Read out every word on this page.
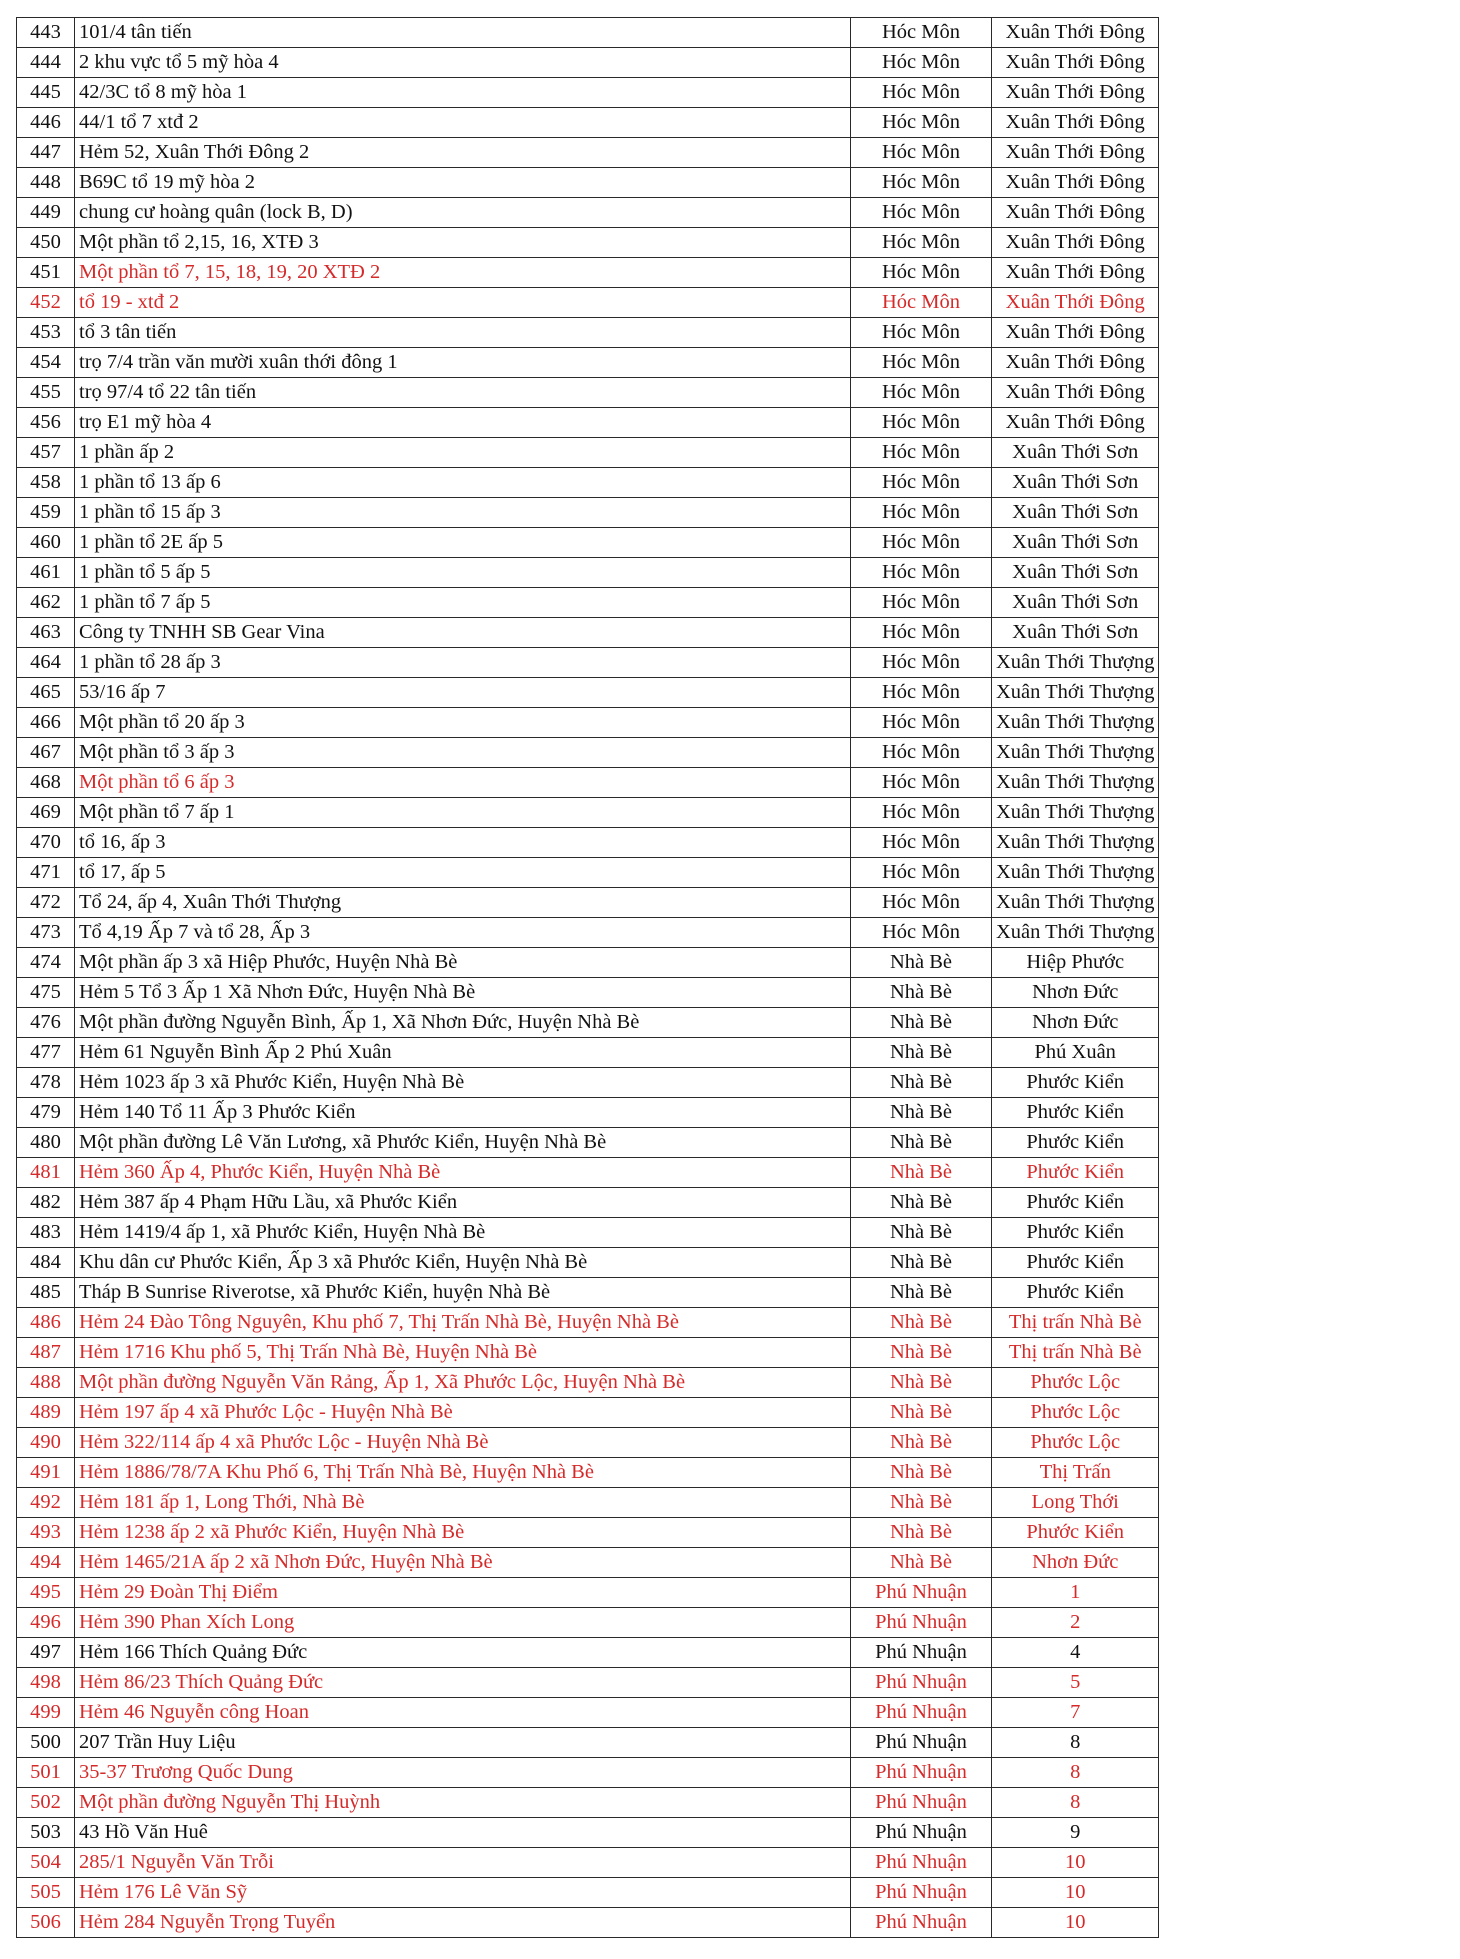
443	101/4 tân tiến	Hóc Môn	Xuân Thới Đông
444	2 khu vực tổ 5 mỹ hòa 4	Hóc Môn	Xuân Thới Đông
445	42/3C tổ 8 mỹ hòa 1	Hóc Môn	Xuân Thới Đông
446	44/1 tổ 7 xtđ 2	Hóc Môn	Xuân Thới Đông
447	Hẻm 52, Xuân Thới Đông 2	Hóc Môn	Xuân Thới Đông
448	B69C tổ 19 mỹ hòa 2	Hóc Môn	Xuân Thới Đông
449	chung cư hoàng quân (lock B, D)	Hóc Môn	Xuân Thới Đông
450	Một phần tổ 2,15, 16, XTĐ 3	Hóc Môn	Xuân Thới Đông
451	Một phần tổ 7, 15, 18, 19, 20 XTĐ 2	Hóc Môn	Xuân Thới Đông
452	tổ 19 - xtđ 2	Hóc Môn	Xuân Thới Đông
453	tổ 3 tân tiến	Hóc Môn	Xuân Thới Đông
454	trọ 7/4 trần văn mười xuân thới đông 1	Hóc Môn	Xuân Thới Đông
455	trọ 97/4 tổ 22 tân tiến	Hóc Môn	Xuân Thới Đông
456	trọ E1 mỹ hòa 4	Hóc Môn	Xuân Thới Đông
457	1 phần ấp 2	Hóc Môn	Xuân Thới Sơn
458	1 phần tổ 13 ấp 6	Hóc Môn	Xuân Thới Sơn
459	1 phần tổ 15 ấp 3	Hóc Môn	Xuân Thới Sơn
460	1 phần tổ 2E ấp 5	Hóc Môn	Xuân Thới Sơn
461	1 phần tổ 5 ấp 5	Hóc Môn	Xuân Thới Sơn
462	1 phần tổ 7 ấp 5	Hóc Môn	Xuân Thới Sơn
463	Công ty TNHH SB Gear Vina	Hóc Môn	Xuân Thới Sơn
464	1 phần tổ 28 ấp 3	Hóc Môn	Xuân Thới Thượng
465	53/16 ấp 7	Hóc Môn	Xuân Thới Thượng
466	Một phần tổ 20 ấp 3	Hóc Môn	Xuân Thới Thượng
467	Một phần tổ 3 ấp 3	Hóc Môn	Xuân Thới Thượng
468	Một phần tổ 6 ấp 3	Hóc Môn	Xuân Thới Thượng
469	Một phần tổ 7 ấp 1	Hóc Môn	Xuân Thới Thượng
470	tổ 16, ấp 3	Hóc Môn	Xuân Thới Thượng
471	tổ 17, ấp 5	Hóc Môn	Xuân Thới Thượng
472	Tổ 24, ấp 4, Xuân Thới Thượng	Hóc Môn	Xuân Thới Thượng
473	Tổ 4,19 Ấp 7 và tổ 28, Ấp 3	Hóc Môn	Xuân Thới Thượng
474	Một phần ấp 3 xã Hiệp Phước, Huyện Nhà Bè	Nhà Bè	Hiệp Phước
475	Hẻm 5 Tổ 3 Ấp 1 Xã Nhơn Đức, Huyện Nhà Bè	Nhà Bè	Nhơn Đức
476	Một phần đường Nguyễn Bình, Ấp 1, Xã Nhơn Đức, Huyện Nhà Bè	Nhà Bè	Nhơn Đức
477	Hẻm 61 Nguyễn Bình Ấp 2 Phú Xuân	Nhà Bè	Phú Xuân
478	Hẻm 1023 ấp 3 xã Phước Kiển, Huyện Nhà Bè	Nhà Bè	Phước Kiển
479	Hẻm 140 Tổ 11 Ấp 3 Phước Kiển	Nhà Bè	Phước Kiển
480	Một phần đường Lê Văn Lương, xã Phước Kiển, Huyện Nhà Bè	Nhà Bè	Phước Kiển
481	Hẻm 360 Ấp 4, Phước Kiển, Huyện Nhà Bè	Nhà Bè	Phước Kiển
482	Hẻm 387 ấp 4 Phạm Hữu Lầu, xã Phước Kiển	Nhà Bè	Phước Kiển
483	Hẻm 1419/4 ấp 1, xã Phước Kiển, Huyện Nhà Bè	Nhà Bè	Phước Kiển
484	Khu dân cư Phước Kiển, Ấp 3 xã Phước Kiển, Huyện Nhà Bè	Nhà Bè	Phước Kiển
485	Tháp B Sunrise Riverotse, xã Phước Kiển, huyện Nhà Bè	Nhà Bè	Phước Kiển
486	Hẻm 24 Đào Tông Nguyên, Khu phố 7, Thị Trấn Nhà Bè, Huyện Nhà Bè	Nhà Bè	Thị trấn Nhà Bè
487	Hẻm 1716 Khu phố 5, Thị Trấn Nhà Bè, Huyện Nhà Bè	Nhà Bè	Thị trấn Nhà Bè
488	Một phần đường Nguyễn Văn Rảng, Ấp 1, Xã Phước Lộc, Huyện Nhà Bè	Nhà Bè	Phước Lộc
489	Hẻm 197 ấp 4 xã Phước Lộc - Huyện Nhà Bè	Nhà Bè	Phước Lộc
490	Hẻm 322/114 ấp 4 xã Phước Lộc - Huyện Nhà Bè	Nhà Bè	Phước Lộc
491	Hẻm 1886/78/7A Khu Phố 6, Thị Trấn Nhà Bè, Huyện Nhà Bè	Nhà Bè	Thị Trấn
492	Hẻm 181 ấp 1, Long Thới, Nhà Bè	Nhà Bè	Long Thới
493	Hẻm 1238 ấp 2 xã Phước Kiển, Huyện Nhà Bè	Nhà Bè	Phước Kiển
494	Hẻm 1465/21A ấp 2 xã Nhơn Đức, Huyện Nhà Bè	Nhà Bè	Nhơn Đức
495	Hẻm 29 Đoàn Thị Điểm	Phú Nhuận	1
496	Hẻm 390 Phan Xích Long	Phú Nhuận	2
497	Hẻm 166 Thích Quảng Đức	Phú Nhuận	4
498	Hẻm 86/23 Thích Quảng Đức	Phú Nhuận	5
499	Hẻm 46 Nguyễn công Hoan	Phú Nhuận	7
500	207 Trần Huy Liệu	Phú Nhuận	8
501	35-37 Trương Quốc Dung	Phú Nhuận	8
502	Một phần đường Nguyễn Thị Huỳnh	Phú Nhuận	8
503	43 Hồ Văn Huê	Phú Nhuận	9
504	285/1 Nguyễn Văn Trỗi	Phú Nhuận	10
505	Hẻm 176 Lê Văn Sỹ	Phú Nhuận	10
506	Hẻm 284 Nguyễn Trọng Tuyển	Phú Nhuận	10
